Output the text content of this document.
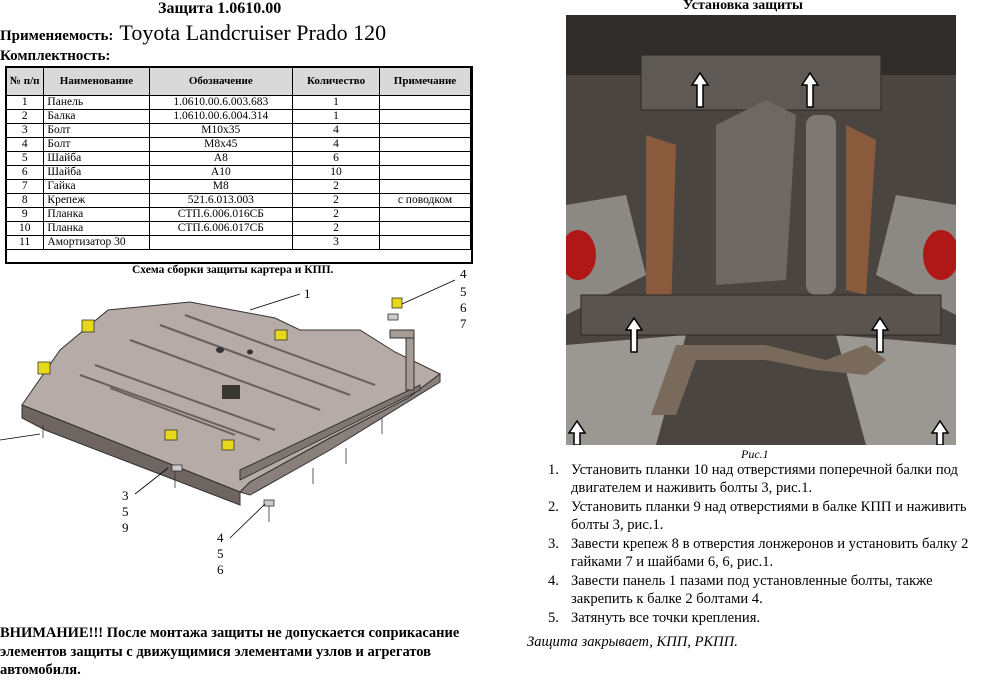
Защита 1.0610.00
Применяемость: Toyota Landcruiser Prado 120
Комплектность:
№ п/п	Наименование	Обозначение	Количество	Примечание
1	Панель	1.0610.00.6.003.683	1	
2	Балка	1.0610.00.6.004.314	1	
3	Болт	M10x35	4	
4	Болт	M8x45	4	
5	Шайба	A8	6	
6	Шайба	A10	10	
7	Гайка	M8	2	
8	Крепеж	521.6.013.003	2	с поводком
9	Планка	СТП.6.006.016СБ	2	
10	Планка	СТП.6.006.017СБ	2	
11	Амортизатор 30		3	
Схема сборки защиты картера и КПП.
1
4
5
6
7
3
5
9
4
5
6
ВНИМАНИЕ!!! После монтажа защиты не допускается соприкасание элементов защиты с движущимися элементами узлов и агрегатов автомобиля.
Установка защиты
Рис.1
1. Установить планки 10 над отверстиями поперечной балки под двигателем и наживить болты 3, рис.1.
2. Установить планки 9 над отверстиями в балке КПП и наживить болты 3, рис.1.
3. Завести крепеж 8 в отверстия лонжеронов и установить балку 2 гайками 7 и шайбами 6, 6, рис.1.
4. Завести панель 1 пазами под установленные болты, также закрепить к балке 2 болтами 4.
5. Затянуть все точки крепления.
Защита закрывает, КПП, РКПП.
